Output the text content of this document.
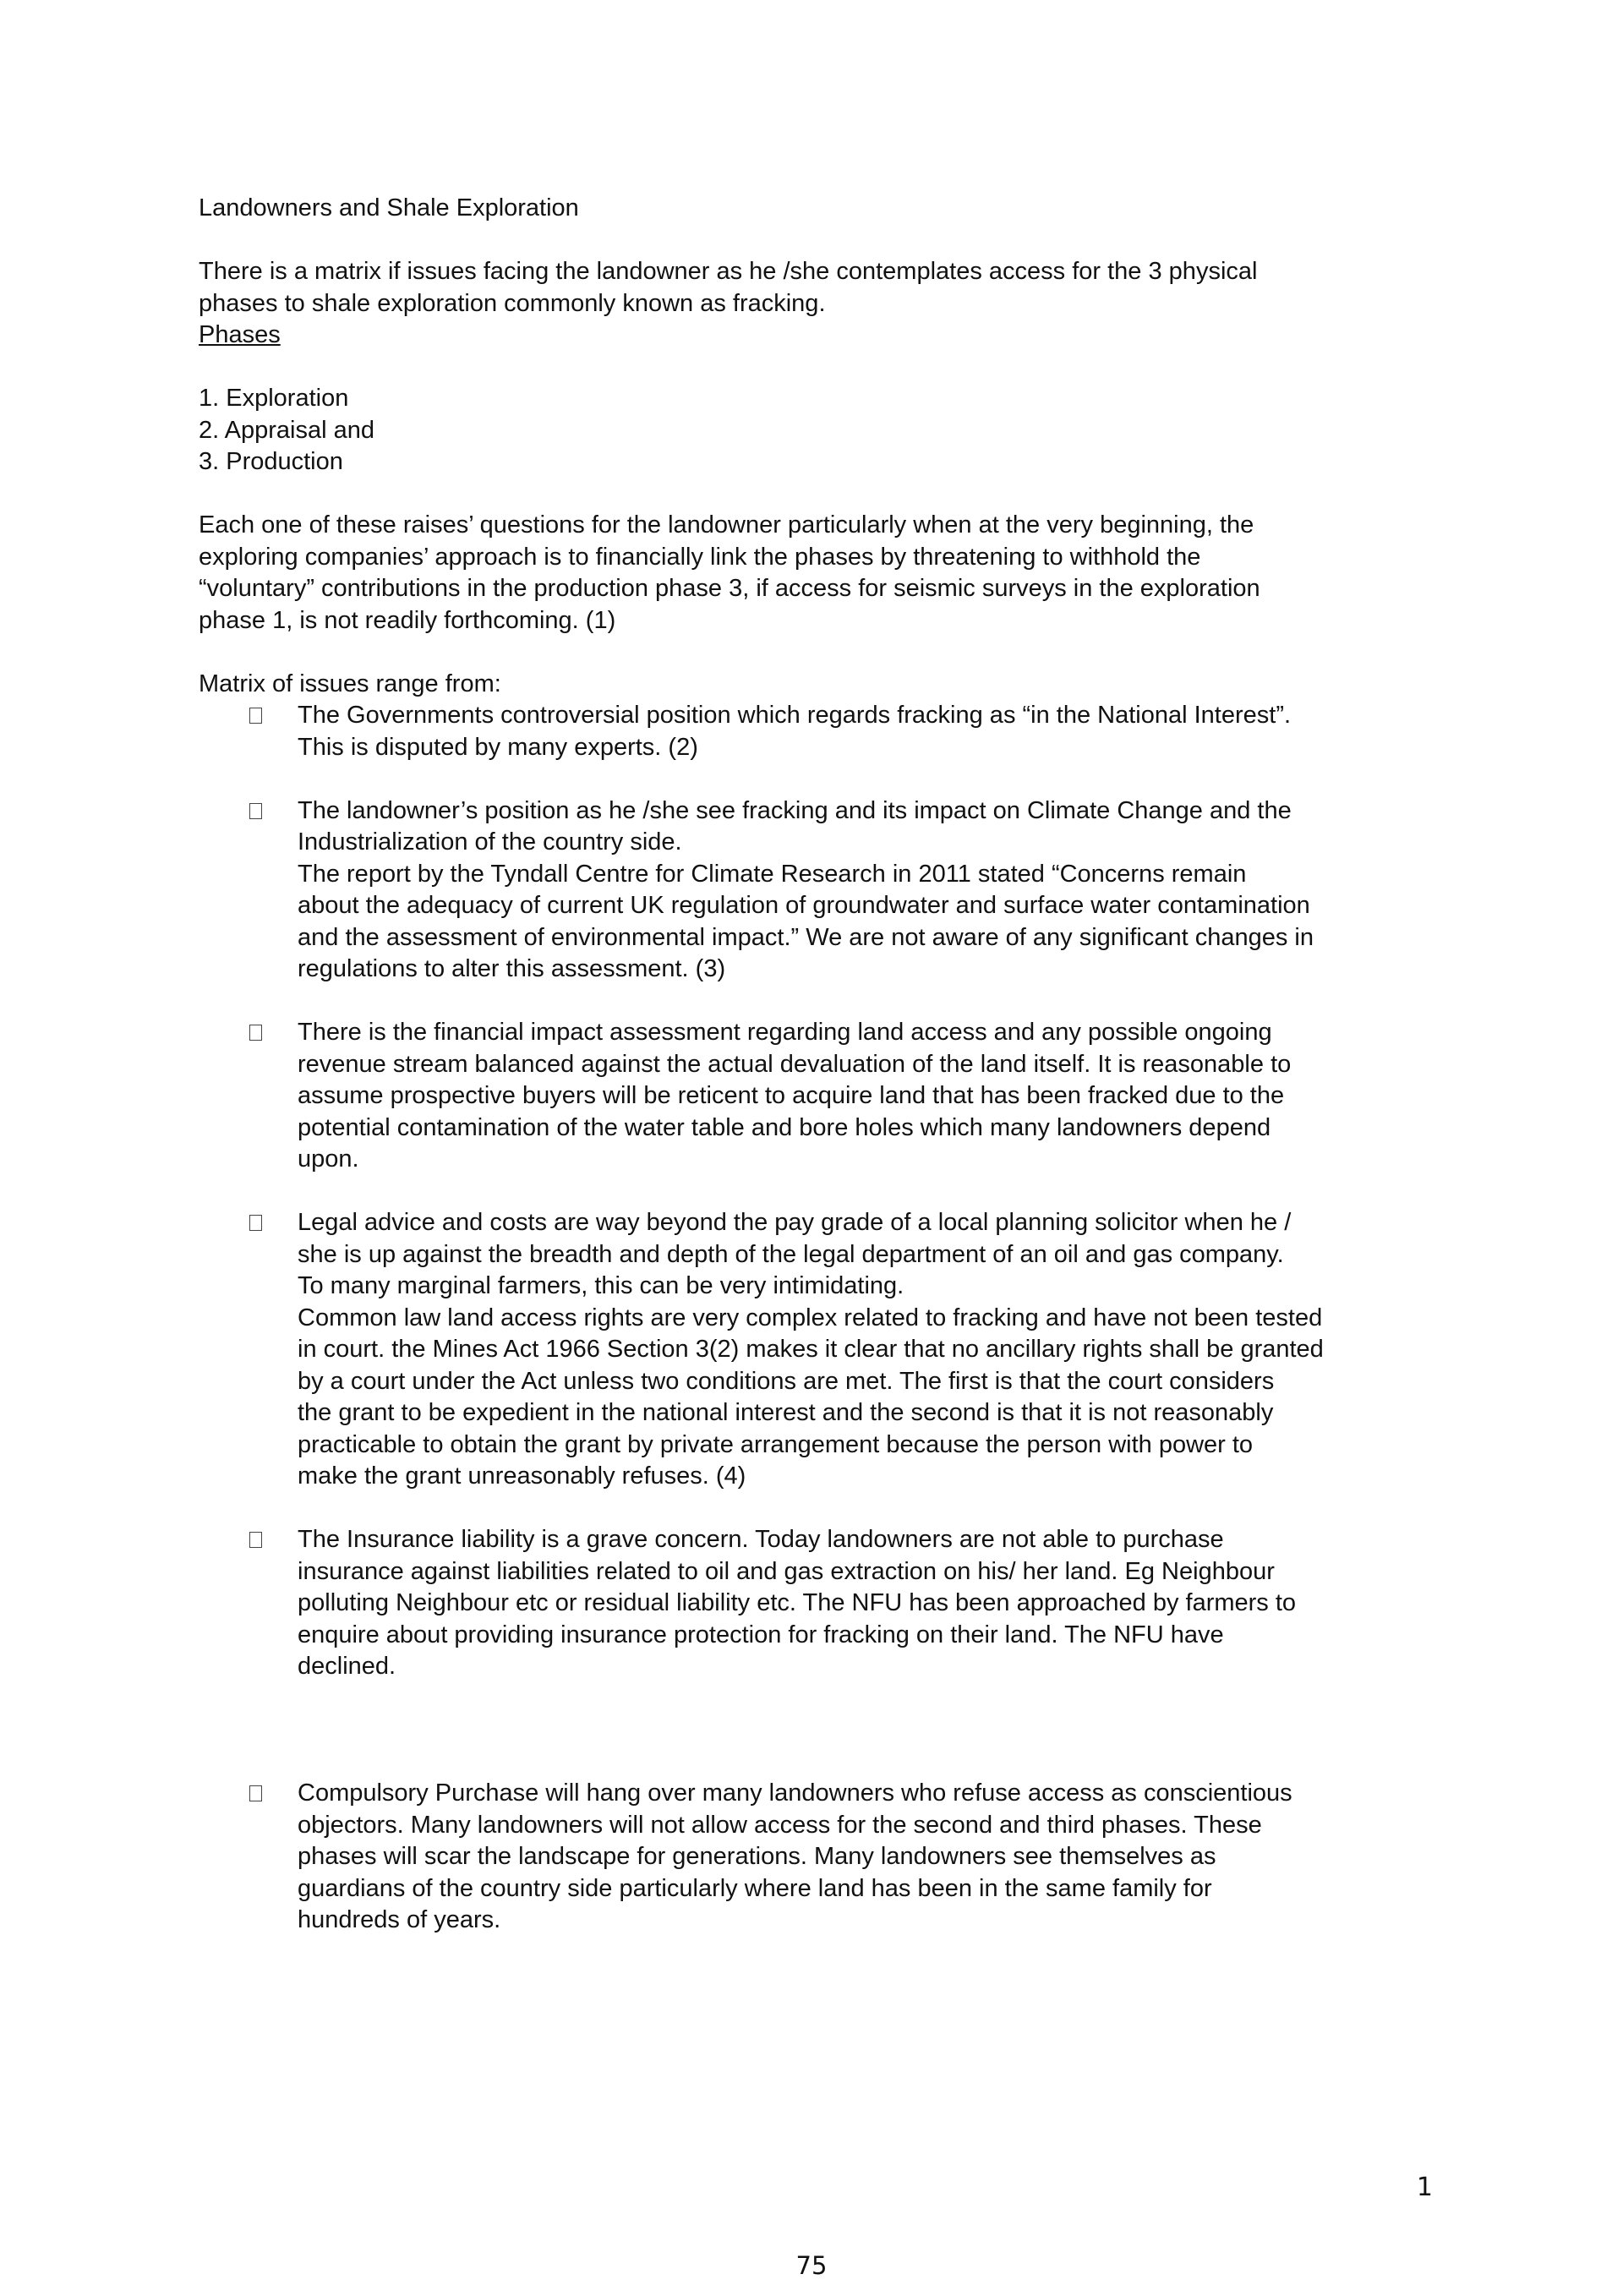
Landowners and Shale Exploration

There is a matrix if issues facing the landowner as he /she contemplates access for the 3 physical

phases to shale exploration commonly known as fracking.

Phases

1. Exploration

2. Appraisal and

3. Production

Each one of these raises’ questions for the landowner particularly when at the very beginning, the

exploring companies’ approach is to financially link the phases by threatening to withhold the

“voluntary” contributions in the production phase 3, if access for seismic surveys in the exploration

phase 1, is not readily forthcoming. (1)

Matrix of issues range from:

The Governments controversial position which regards fracking as “in the National Interest”.

This is disputed by many experts. (2)

The landowner’s position as he /she see fracking and its impact on Climate Change and the

Industrialization of the country side.

The report by the Tyndall Centre for Climate Research in 2011 stated “Concerns remain

about the adequacy of current UK regulation of groundwater and surface water contamination

and the assessment of environmental impact.” We are not aware of any significant changes in

regulations to alter this assessment. (3)

There is the financial impact assessment regarding land access and any possible ongoing

revenue stream balanced against the actual devaluation of the land itself. It is reasonable to

assume prospective buyers will be reticent to acquire land that has been fracked due to the

potential contamination of the water table and bore holes which many landowners depend

upon.

Legal advice and costs are way beyond the pay grade of a local planning solicitor when he /

she is up against the breadth and depth of the legal department of an oil and gas company.

To many marginal farmers, this can be very intimidating.

Common law land access rights are very complex related to fracking and have not been tested

in court. the Mines Act 1966 Section 3(2) makes it clear that no ancillary rights shall be granted

by a court under the Act unless two conditions are met. The first is that the court considers

the grant to be expedient in the national interest and the second is that it is not reasonably

practicable to obtain the grant by private arrangement because the person with power to

make the grant unreasonably refuses. (4)

The Insurance liability is a grave concern. Today landowners are not able to purchase

insurance against liabilities related to oil and gas extraction on his/ her land. Eg Neighbour

polluting Neighbour etc or residual liability etc. The NFU has been approached by farmers to

enquire about providing insurance protection for fracking on their land. The NFU have

declined.

Compulsory Purchase will hang over many landowners who refuse access as conscientious

objectors. Many landowners will not allow access for the second and third phases. These

phases will scar the landscape for generations. Many landowners see themselves as

guardians of the country side particularly where land has been in the same family for

hundreds of years.

1
75
